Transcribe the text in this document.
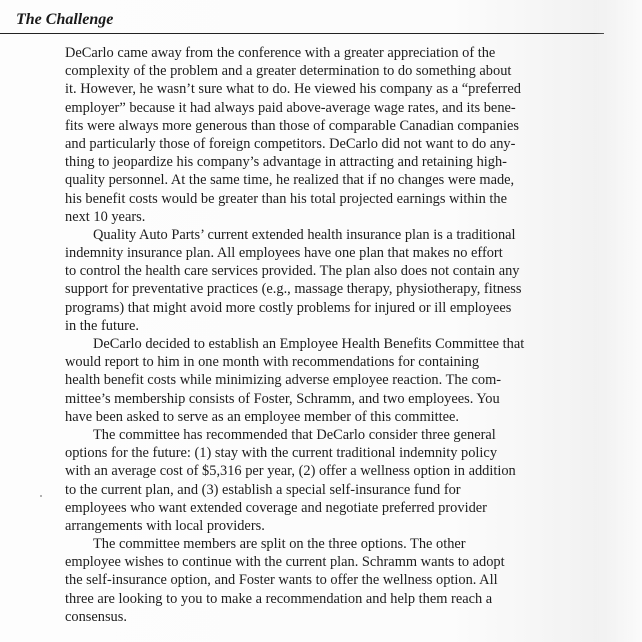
The Challenge
DeCarlo came away from the conference with a greater appreciation of the
complexity of the problem and a greater determination to do something about
it. However, he wasn’t sure what to do. He viewed his company as a “preferred
employer” because it had always paid above-average wage rates, and its bene-
fits were always more generous than those of comparable Canadian companies
and particularly those of foreign competitors. DeCarlo did not want to do any-
thing to jeopardize his company’s advantage in attracting and retaining high-
quality personnel. At the same time, he realized that if no changes were made,
his benefit costs would be greater than his total projected earnings within the
next 10 years.
Quality Auto Parts’ current extended health insurance plan is a traditional
indemnity insurance plan. All employees have one plan that makes no effort
to control the health care services provided. The plan also does not contain any
support for preventative practices (e.g., massage therapy, physiotherapy, fitness
programs) that might avoid more costly problems for injured or ill employees
in the future.
DeCarlo decided to establish an Employee Health Benefits Committee that
would report to him in one month with recommendations for containing
health benefit costs while minimizing adverse employee reaction. The com-
mittee’s membership consists of Foster, Schramm, and two employees. You
have been asked to serve as an employee member of this committee.
The committee has recommended that DeCarlo consider three general
options for the future: (1) stay with the current traditional indemnity policy
with an average cost of $5,316 per year, (2) offer a wellness option in addition
to the current plan, and (3) establish a special self-insurance fund for
employees who want extended coverage and negotiate preferred provider
arrangements with local providers.
The committee members are split on the three options. The other
employee wishes to continue with the current plan. Schramm wants to adopt
the self-insurance option, and Foster wants to offer the wellness option. All
three are looking to you to make a recommendation and help them reach a
consensus.
